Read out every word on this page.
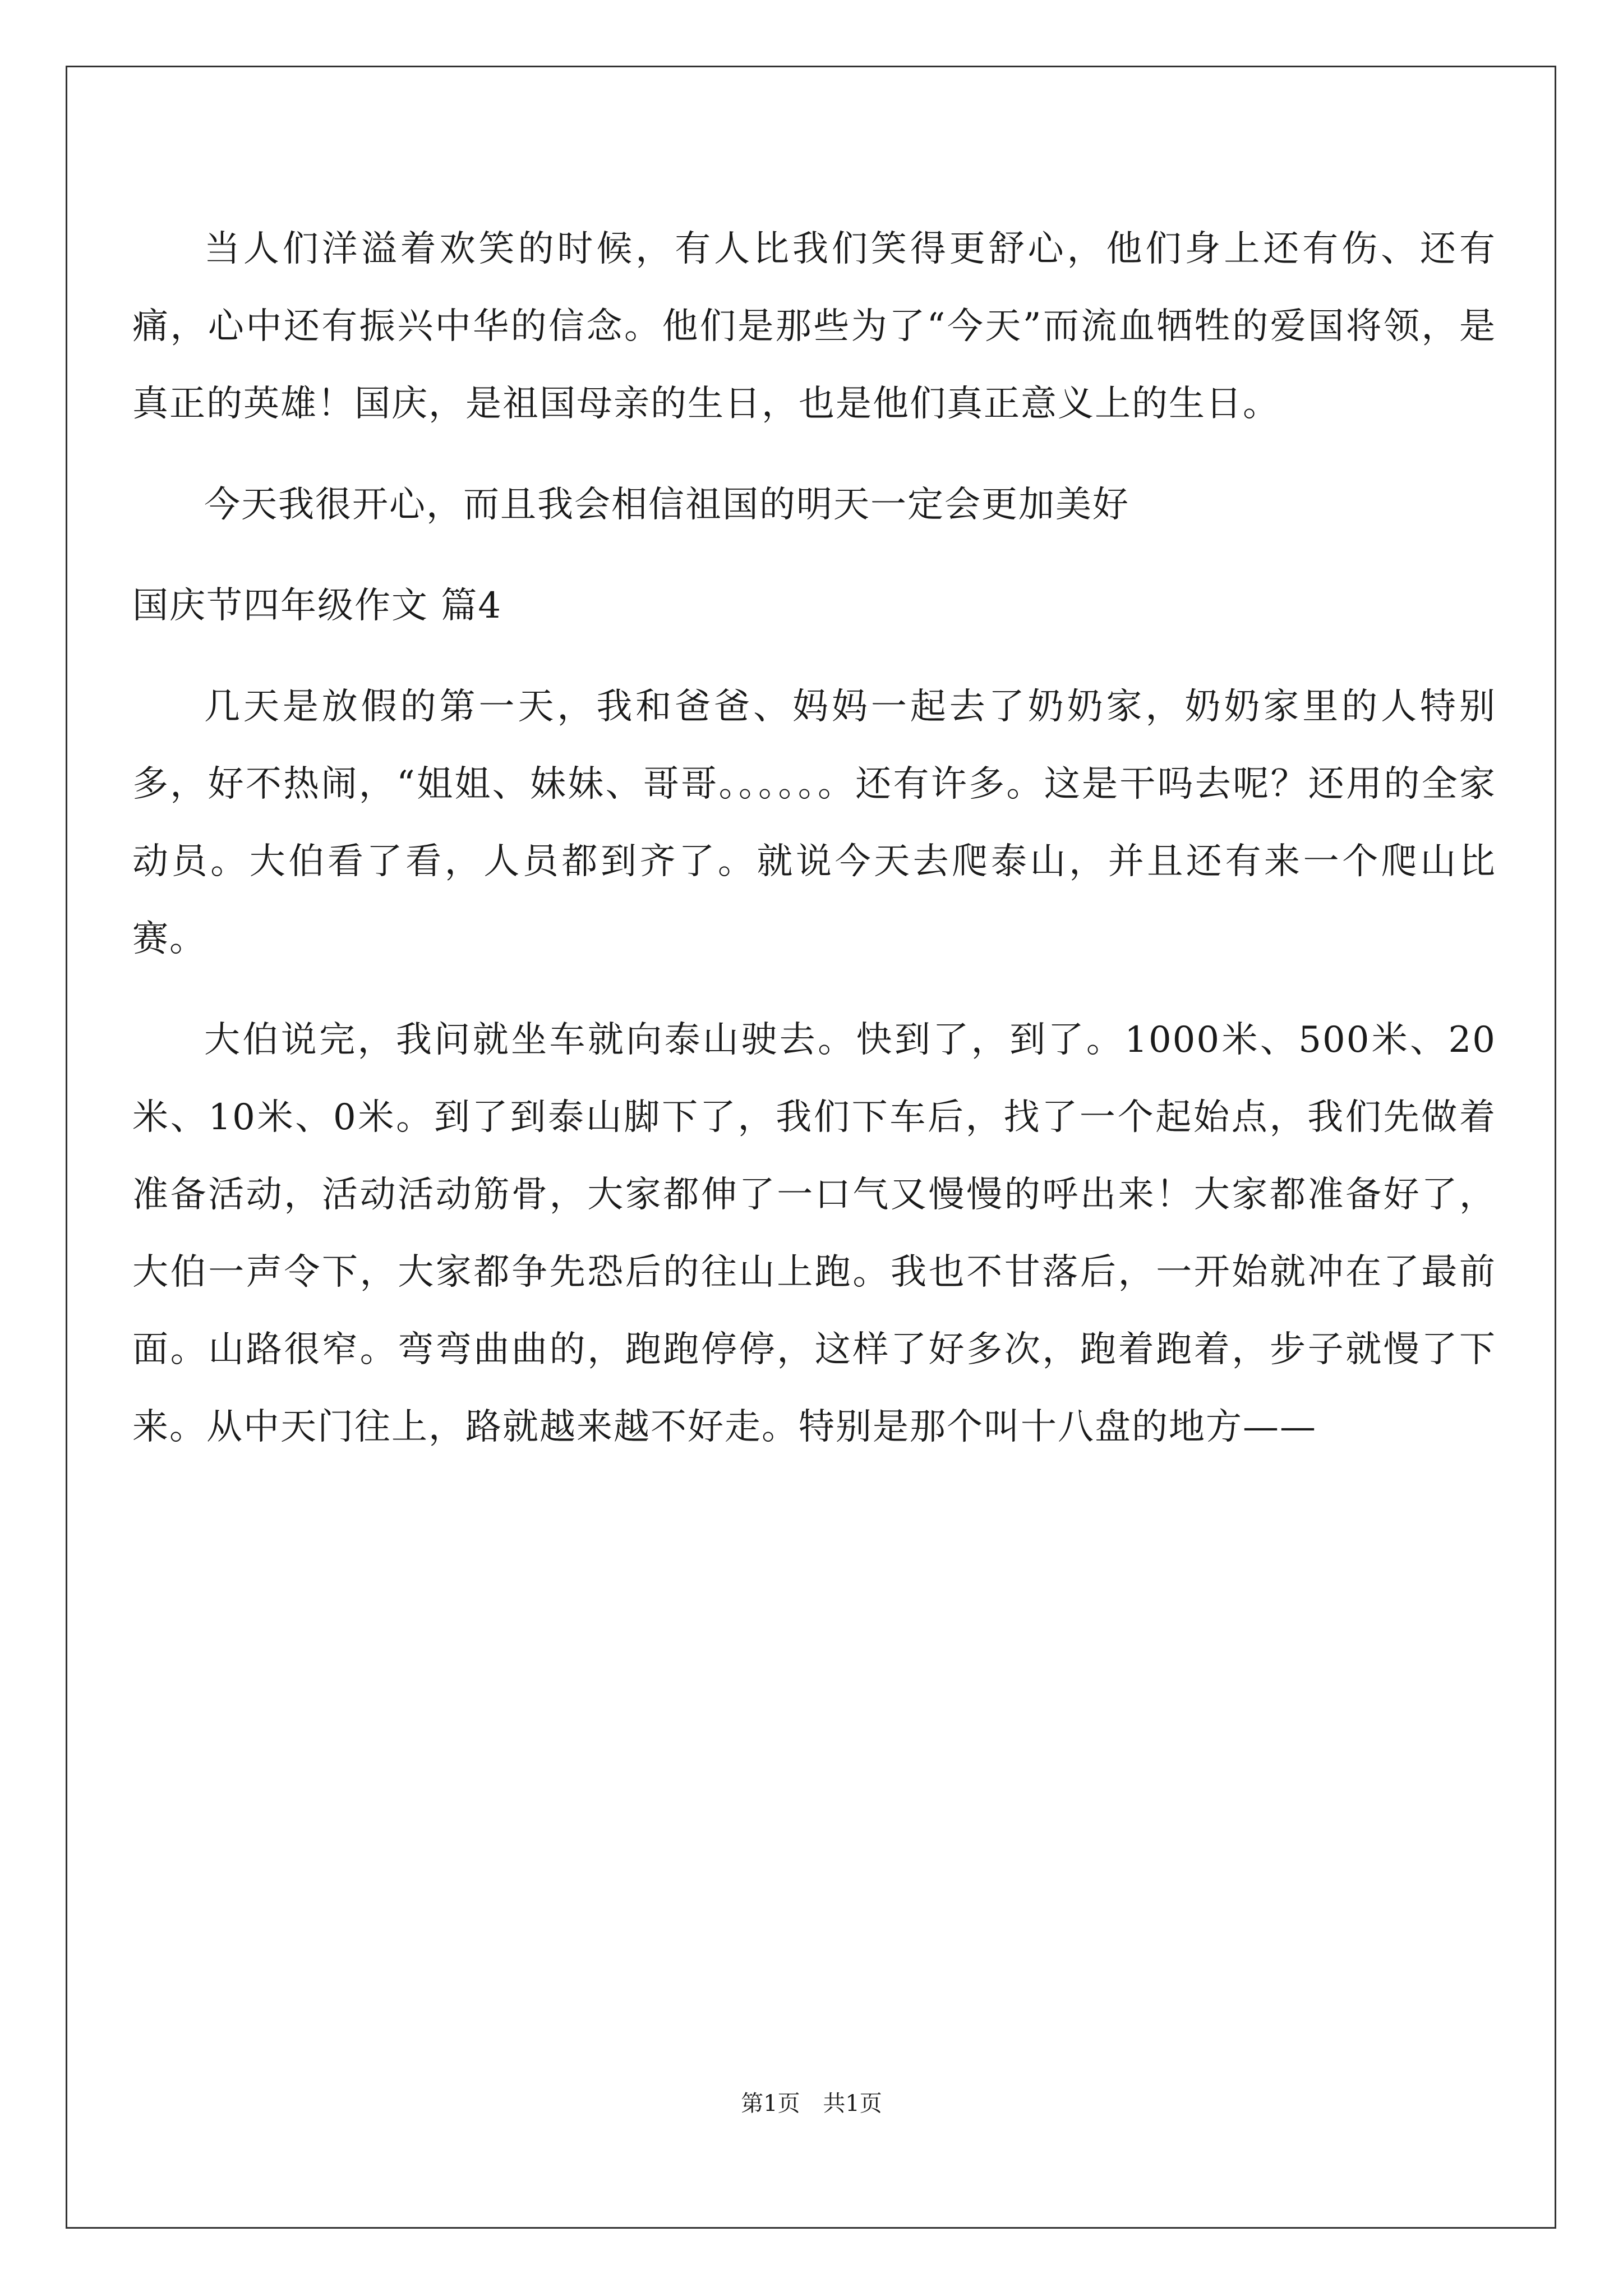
当人们洋溢着欢笑的时候，有人比我们笑得更舒心，他们身上还有伤、还有痛，心中还有振兴中华的信念。他们是那些为了“今天”而流血牺牲的爱国将领，是真正的英雄！国庆，是祖国母亲的生日，也是他们真正意义上的生日。

今天我很开心，而且我会相信祖国的明天一定会更加美好

国庆节四年级作文 篇4

几天是放假的第一天，我和爸爸、妈妈一起去了奶奶家，奶奶家里的人特别多，好不热闹，“姐姐、妹妹、哥哥。。。。。。还有许多。这是干吗去呢？还用的全家动员。大伯看了看，人员都到齐了。就说今天去爬泰山，并且还有来一个爬山比赛。

大伯说完，我问就坐车就向泰山驶去。快到了，到了。1000米、500米、20米、10米、0米。到了到泰山脚下了，我们下车后，找了一个起始点，我们先做着准备活动，活动活动筋骨，大家都伸了一口气又慢慢的呼出来！大家都准备好了，大伯一声令下，大家都争先恐后的往山上跑。我也不甘落后，一开始就冲在了最前面。山路很窄。弯弯曲曲的，跑跑停停，这样了好多次，跑着跑着，步子就慢了下来。从中天门往上，路就越来越不好走。特别是那个叫十八盘的地方——

第1页 共1页
